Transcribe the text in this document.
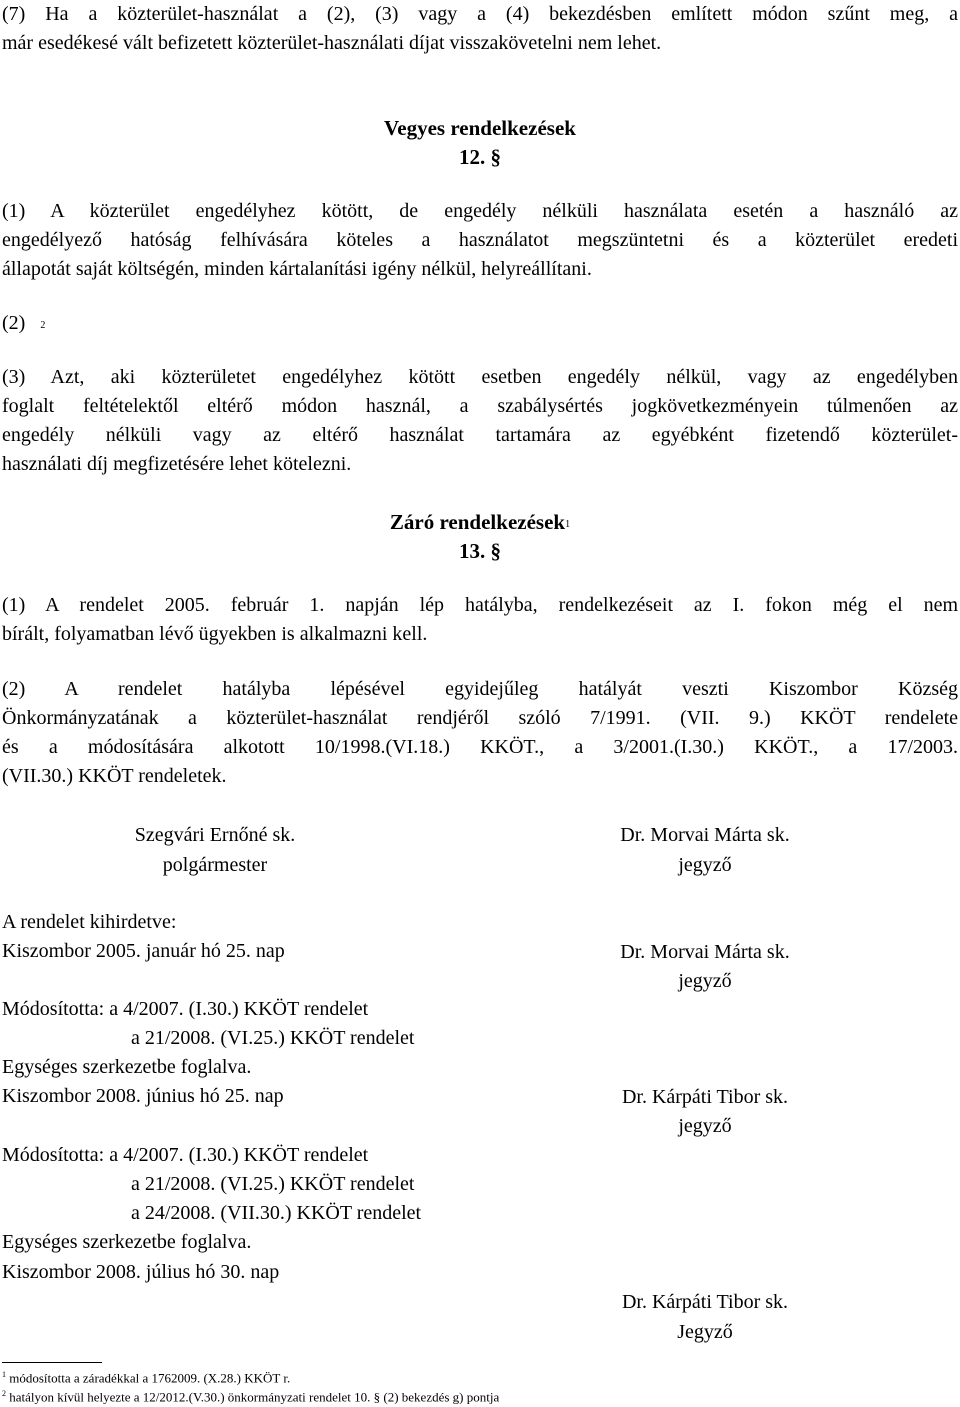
(7) Ha a közterület-használat a (2), (3) vagy a (4) bekezdésben említett módon szűnt meg, a
már esedékesé vált befizetett közterület-használati díjat visszakövetelni nem lehet.
Vegyes rendelkezések
12. §
(1) A közterület engedélyhez kötött, de engedély nélküli használata esetén a használó az
engedélyező hatóság felhívására köteles a használatot megszüntetni és a közterület eredeti
állapotát saját költségén, minden kártalanítási igény nélkül, helyreállítani.
(2) $^2$
(3) Azt, aki közterületet engedélyhez kötött esetben engedély nélkül, vagy az engedélyben
foglalt feltételektől eltérő módon használ, a szabálysértés jogkövetkezményein túlmenően az
engedély nélküli vagy az eltérő használat tartamára az egyébként fizetendő közterület-
használati díj megfizetésére lehet kötelezni.
Záró rendelkezések$^1$
13. §
(1) A rendelet 2005. február 1. napján lép hatályba, rendelkezéseit az I. fokon még el nem
bírált, folyamatban lévő ügyekben is alkalmazni kell.
(2) A rendelet hatályba lépésével egyidejűleg hatályát veszti Kiszombor Község
Önkormányzatának a közterület-használat rendjéről szóló 7/1991. (VII. 9.) KKÖT rendelete
és a módosítására alkotott 10/1998.(VI.18.) KKÖT., a 3/2001.(I.30.) KKÖT., a 17/2003.
(VII.30.) KKÖT rendeletek.
Szegvári Ernőné sk.
polgármester
Dr. Morvai Márta sk.
jegyző
A rendelet kihirdetve:
Kiszombor 2005. január hó 25. nap	Dr. Morvai Márta sk.
jegyző
Módosította: a 4/2007. (I.30.) KKÖT rendelet
a 21/2008. (VI.25.) KKÖT rendelet
Egységes szerkezetbe foglalva.
Kiszombor 2008. június hó 25. nap	Dr. Kárpáti Tibor sk.
jegyző
Módosította: a 4/2007. (I.30.) KKÖT rendelet
a 21/2008. (VI.25.) KKÖT rendelet
a 24/2008. (VII.30.) KKÖT rendelet
Egységes szerkezetbe foglalva.
Kiszombor 2008. július hó 30. nap
Dr. Kárpáti Tibor sk.
Jegyző
$^1$ módosította a záradékkal a 1762009. (X.28.) KKÖT r.
$^2$ hatályon kívül helyezte a 12/2012.(V.30.) önkormányzati rendelet 10. § (2) bekezdés g) pontja
